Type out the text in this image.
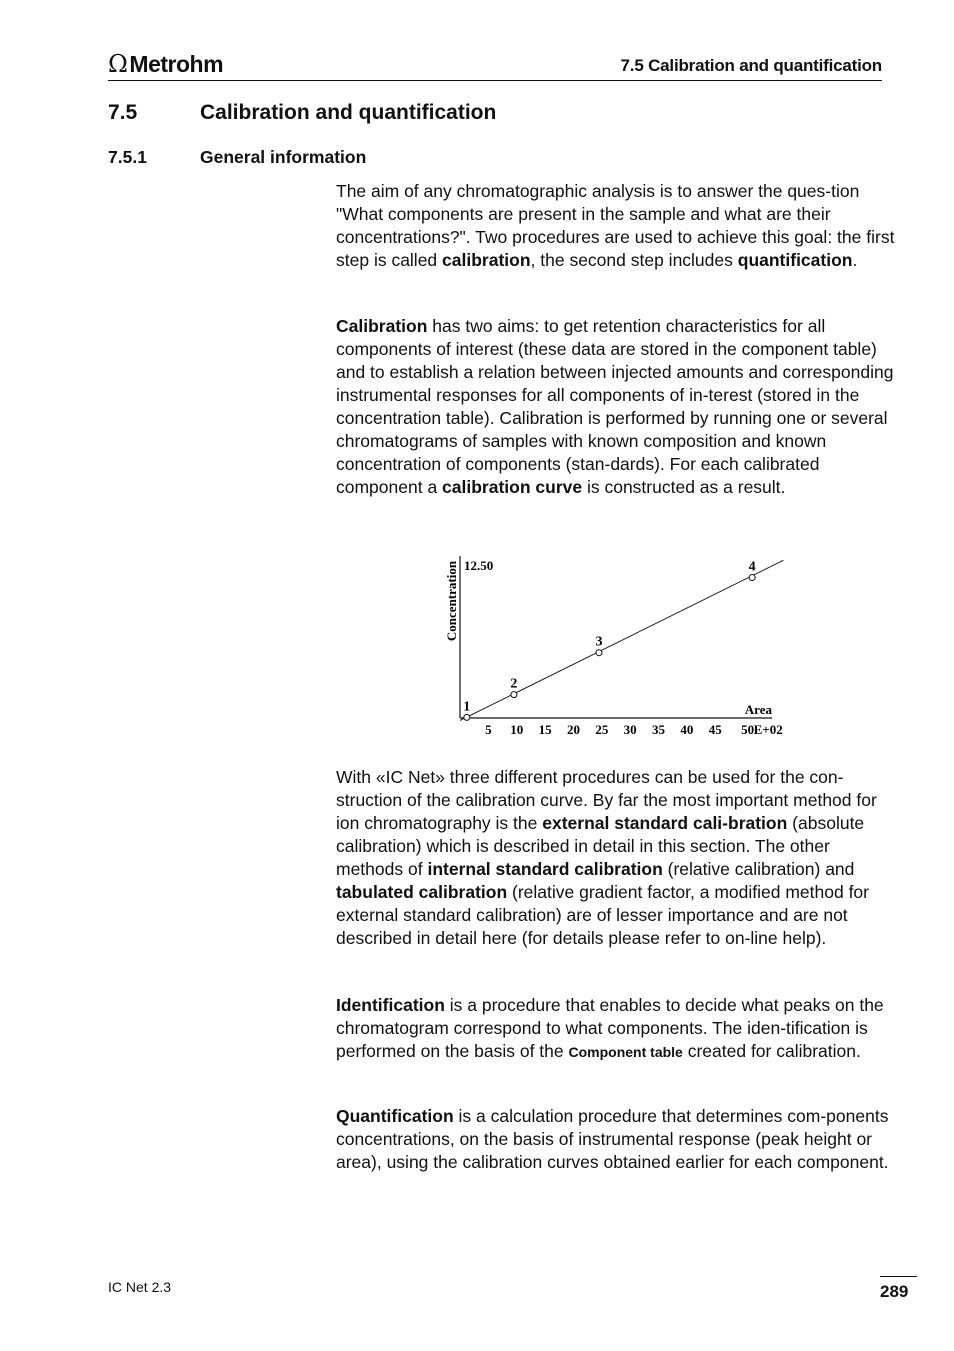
Ω Metrohm	7.5 Calibration and quantification
7.5	Calibration and quantification
7.5.1	General information

The aim of any chromatographic analysis is to answer the ques-tion "What components are present in the sample and what are their concentrations?". Two procedures are used to achieve this goal: the first step is called calibration, the second step includes quantification.

Calibration has two aims: to get retention characteristics for all components of interest (these data are stored in the component table) and to establish a relation between injected amounts and corresponding instrumental responses for all components of in-terest (stored in the concentration table). Calibration is performed by running one or several chromatograms of samples with known composition and known concentration of components (stan-dards). For each calibrated component a calibration curve is constructed as a result.

Concentration 12.50
Area
5 10 15 20 25 30 35 40 45 50 E+02
1
2
3
4

With «IC Net» three different procedures can be used for the con-struction of the calibration curve. By far the most important method for ion chromatography is the external standard cali-bration (absolute calibration) which is described in detail in this section. The other methods of internal standard calibration (relative calibration) and tabulated calibration (relative gradient factor, a modified method for external standard calibration) are of lesser importance and are not described in detail here (for details please refer to on-line help).

Identification is a procedure that enables to decide what peaks on the chromatogram correspond to what components. The iden-tification is performed on the basis of the Component table created for calibration.

Quantification is a calculation procedure that determines com-ponents concentrations, on the basis of instrumental response (peak height or area), using the calibration curves obtained earlier for each component.

IC Net 2.3	289
